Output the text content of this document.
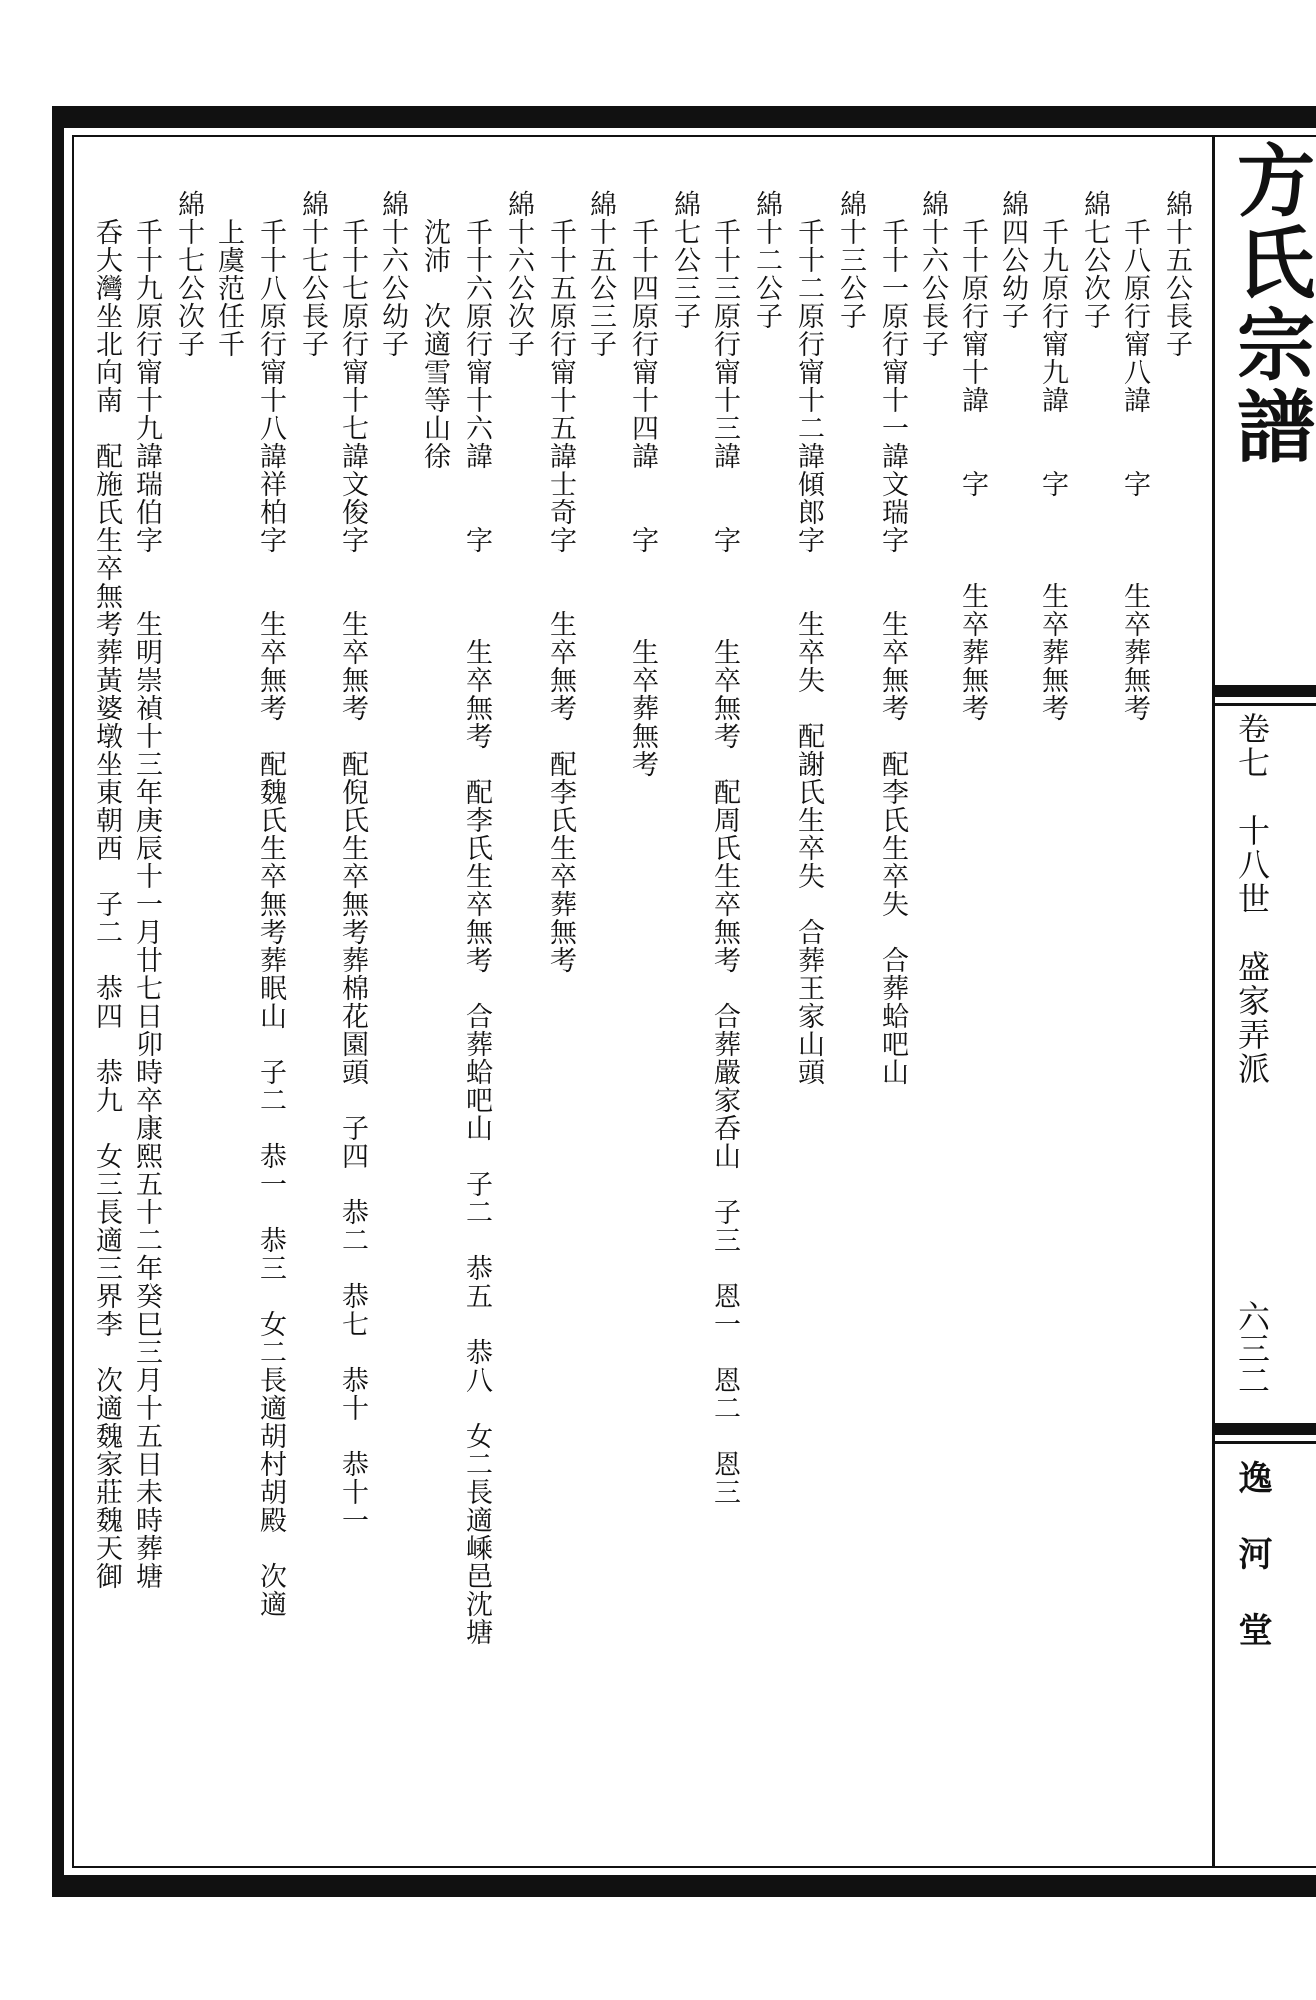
方氏宗譜
卷七　十八世　盛家弄派
六三二
逸河堂
綿十五公長子
　千八原行甯八諱　　字　　　生卒葬無考
綿七公次子
　千九原行甯九諱　　字　　　生卒葬無考
綿四公幼子
　千十原行甯十諱　　字　　　生卒葬無考
綿十六公長子
　千十一原行甯十一諱文瑞字　　生卒無考　配李氏生卒失　合葬蛤吧山
綿十三公子
　千十二原行甯十二諱傾郎字　　生卒失　配謝氏生卒失　合葬王家山頭
綿十二公子
　千十三原行甯十三諱　　字　　　生卒無考　配周氏生卒無考　合葬嚴家呑山　子三　恩一　恩二　恩三
綿七公三子
　千十四原行甯十四諱　　字　　　生卒葬無考
綿十五公三子
　千十五原行甯十五諱士奇字　　生卒無考　配李氏生卒葬無考
綿十六公次子
　千十六原行甯十六諱　　字　　　生卒無考　配李氏生卒無考　合葬蛤吧山　子二　恭五　恭八　女二長適嵊邑沈塘
　沈沛　次適雪等山徐
綿十六公幼子
　千十七原行甯十七諱文俊字　　生卒無考　配倪氏生卒無考葬棉花園頭　子四　恭二　恭七　恭十　恭十一
綿十七公長子
　千十八原行甯十八諱祥柏字　　生卒無考　配魏氏生卒無考葬眠山　子二　恭一　恭三　女二長適胡村胡殿　次適
　上虞范任千
綿十七公次子
　千十九原行甯十九諱瑞伯字　　生明崇禎十三年庚辰十一月廿七日卯時卒康熙五十二年癸巳三月十五日未時葬塘
　呑大灣坐北向南　配施氏生卒無考葬黃婆墩坐東朝西　子二　恭四　恭九　女三長適三界李　次適魏家莊魏天御
